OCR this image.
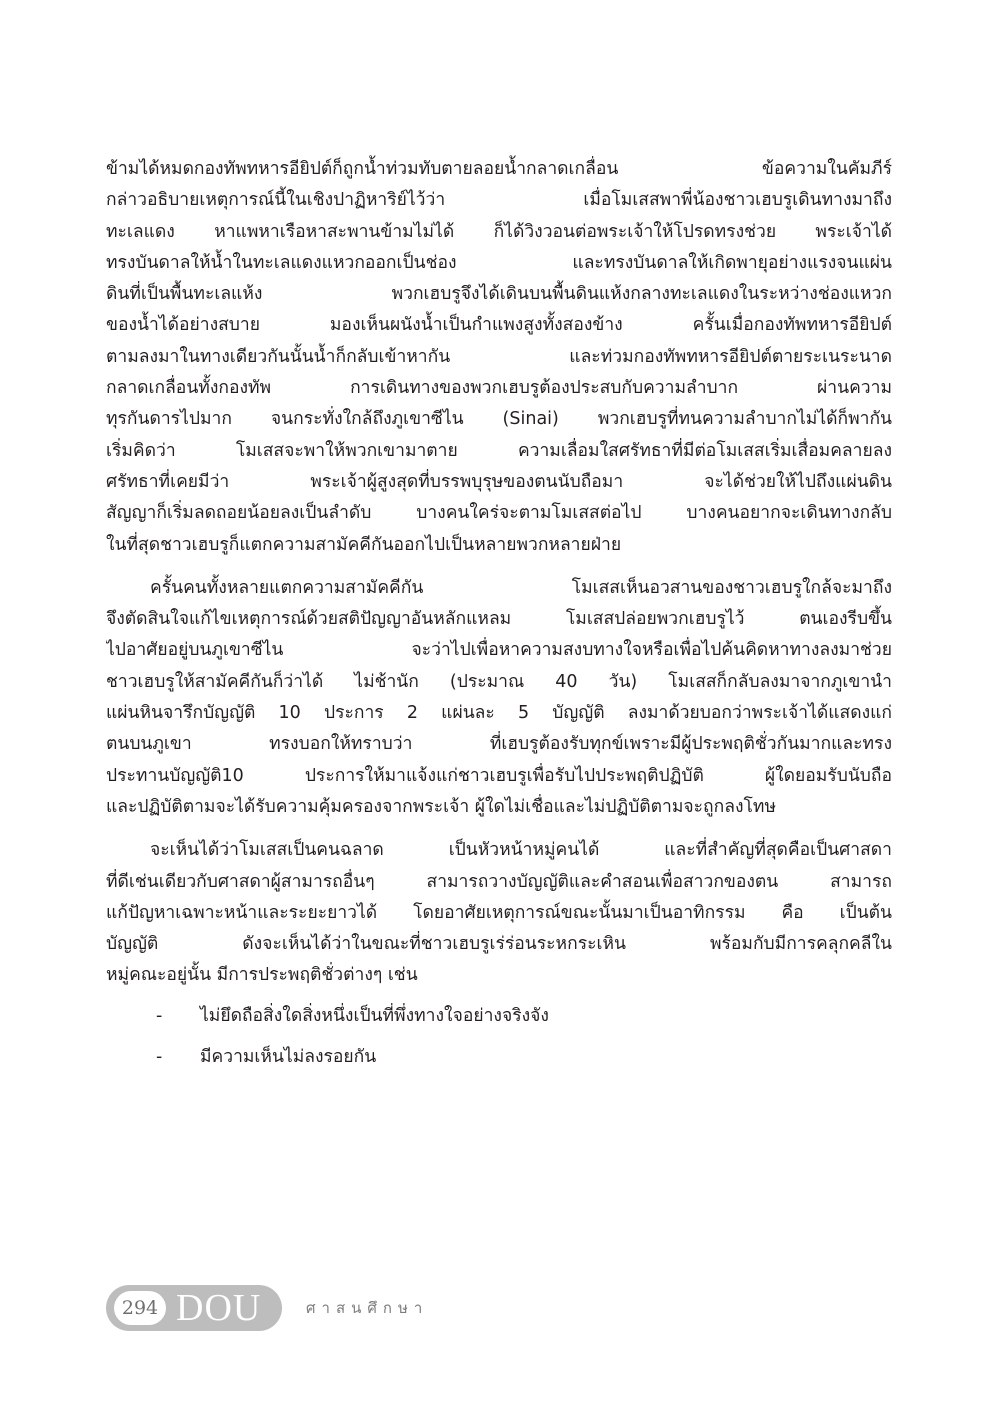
ข้ามได้หมดกองทัพทหารอียิปต์ก็ถูกน้ำท่วมทับตายลอยน้ำกลาดเกลื่อน ข้อความในคัมภีร์
กล่าวอธิบายเหตุการณ์นี้ในเชิงปาฏิหาริย์ไว้ว่า เมื่อโมเสสพาพี่น้องชาวเฮบรูเดินทางมาถึง
ทะเลแดง หาแพหาเรือหาสะพานข้ามไม่ได้ ก็ได้วิงวอนต่อพระเจ้าให้โปรดทรงช่วย พระเจ้าได้
ทรงบันดาลให้น้ำในทะเลแดงแหวกออกเป็นช่อง และทรงบันดาลให้เกิดพายุอย่างแรงจนแผ่น
ดินที่เป็นพื้นทะเลแห้ง พวกเฮบรูจึงได้เดินบนพื้นดินแห้งกลางทะเลแดงในระหว่างช่องแหวก
ของน้ำได้อย่างสบาย มองเห็นผนังน้ำเป็นกำแพงสูงทั้งสองข้าง ครั้นเมื่อกองทัพทหารอียิปต์
ตามลงมาในทางเดียวกันนั้นน้ำก็กลับเข้าหากัน และท่วมกองทัพทหารอียิปต์ตายระเนระนาด
กลาดเกลื่อนทั้งกองทัพ การเดินทางของพวกเฮบรูต้องประสบกับความลำบาก ผ่านความ
ทุรกันดารไปมาก จนกระทั่งใกล้ถึงภูเขาซีไน (Sinai) พวกเฮบรูที่ทนความลำบากไม่ได้ก็พากัน
เริ่มคิดว่า โมเสสจะพาให้พวกเขามาตาย ความเลื่อมใสศรัทธาที่มีต่อโมเสสเริ่มเสื่อมคลายลง
ศรัทธาที่เคยมีว่า พระเจ้าผู้สูงสุดที่บรรพบุรุษของตนนับถือมา จะได้ช่วยให้ไปถึงแผ่นดิน
สัญญาก็เริ่มลดถอยน้อยลงเป็นลำดับ บางคนใคร่จะตามโมเสสต่อไป บางคนอยากจะเดินทางกลับ
ในที่สุดชาวเฮบรูก็แตกความสามัคคีกันออกไปเป็นหลายพวกหลายฝ่าย
ครั้นคนทั้งหลายแตกความสามัคคีกัน โมเสสเห็นอวสานของชาวเฮบรูใกล้จะมาถึง
จึงตัดสินใจแก้ไขเหตุการณ์ด้วยสติปัญญาอันหลักแหลม โมเสสปล่อยพวกเฮบรูไว้ ตนเองรีบขึ้น
ไปอาศัยอยู่บนภูเขาซีไน จะว่าไปเพื่อหาความสงบทางใจหรือเพื่อไปค้นคิดหาทางลงมาช่วย
ชาวเฮบรูให้สามัคคีกันก็ว่าได้ ไม่ช้านัก (ประมาณ 40 วัน) โมเสสก็กลับลงมาจากภูเขานำ
แผ่นหินจารึกบัญญัติ 10 ประการ 2 แผ่นละ 5 บัญญัติ ลงมาด้วยบอกว่าพระเจ้าได้แสดงแก่
ตนบนภูเขา ทรงบอกให้ทราบว่า ที่เฮบรูต้องรับทุกข์เพราะมีผู้ประพฤติชั่วกันมากและทรง
ประทานบัญญัติ10 ประการให้มาแจ้งแก่ชาวเฮบรูเพื่อรับไปประพฤติปฏิบัติ ผู้ใดยอมรับนับถือ
และปฏิบัติตามจะได้รับความคุ้มครองจากพระเจ้า ผู้ใดไม่เชื่อและไม่ปฏิบัติตามจะถูกลงโทษ
จะเห็นได้ว่าโมเสสเป็นคนฉลาด เป็นหัวหน้าหมู่คนได้ และที่สำคัญที่สุดคือเป็นศาสดา
ที่ดีเช่นเดียวกับศาสดาผู้สามารถอื่นๆ สามารถวางบัญญัติและคำสอนเพื่อสาวกของตน สามารถ
แก้ปัญหาเฉพาะหน้าและระยะยาวได้ โดยอาศัยเหตุการณ์ขณะนั้นมาเป็นอาทิกรรม คือ เป็นต้น
บัญญัติ ดังจะเห็นได้ว่าในขณะที่ชาวเฮบรูเร่ร่อนระหกระเหิน พร้อมกับมีการคลุกคลีใน
หมู่คณะอยู่นั้น มีการประพฤติชั่วต่างๆ เช่น
- ไม่ยึดถือสิ่งใดสิ่งหนึ่งเป็นที่พึ่งทางใจอย่างจริงจัง
- มีความเห็นไม่ลงรอยกัน
294 DOU	ศาสนศึกษา
